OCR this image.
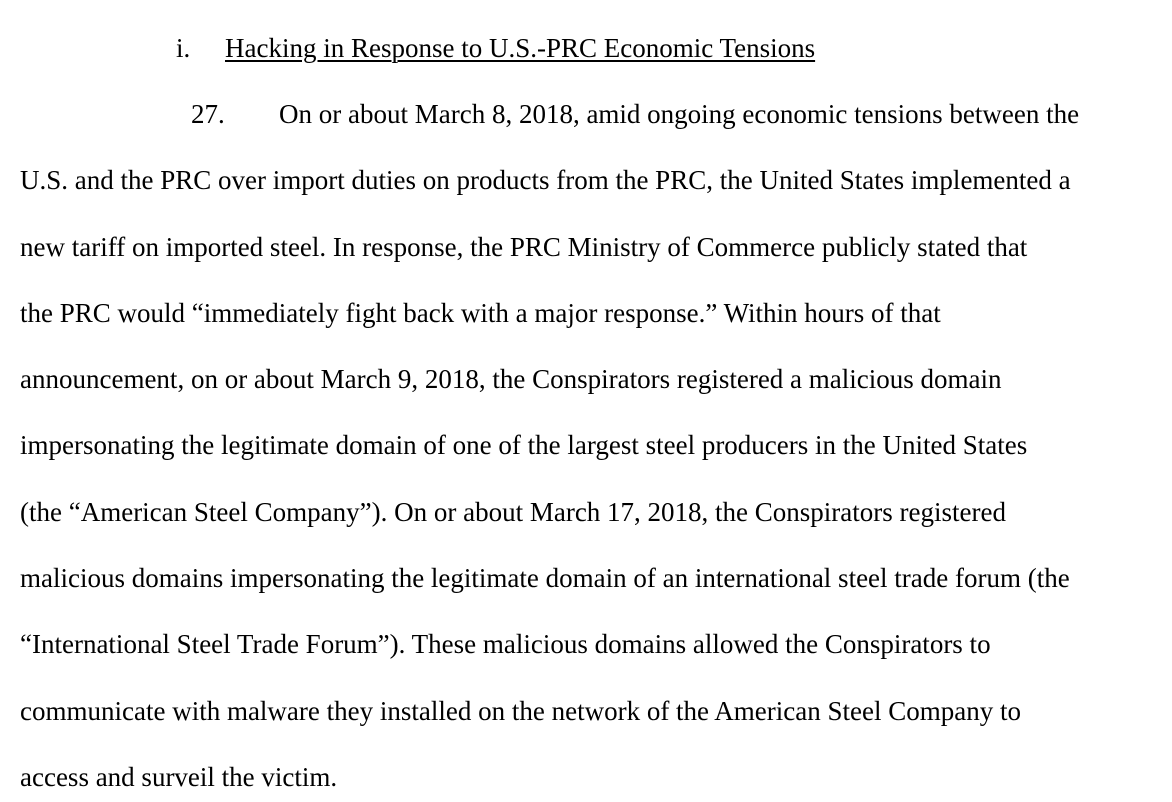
i. Hacking in Response to U.S.-PRC Economic Tensions
27. On or about March 8, 2018, amid ongoing economic tensions between the
U.S. and the PRC over import duties on products from the PRC, the United States implemented a
new tariff on imported steel. In response, the PRC Ministry of Commerce publicly stated that
the PRC would “immediately fight back with a major response.” Within hours of that
announcement, on or about March 9, 2018, the Conspirators registered a malicious domain
impersonating the legitimate domain of one of the largest steel producers in the United States
(the “American Steel Company”). On or about March 17, 2018, the Conspirators registered
malicious domains impersonating the legitimate domain of an international steel trade forum (the
“International Steel Trade Forum”). These malicious domains allowed the Conspirators to
communicate with malware they installed on the network of the American Steel Company to
access and surveil the victim.
